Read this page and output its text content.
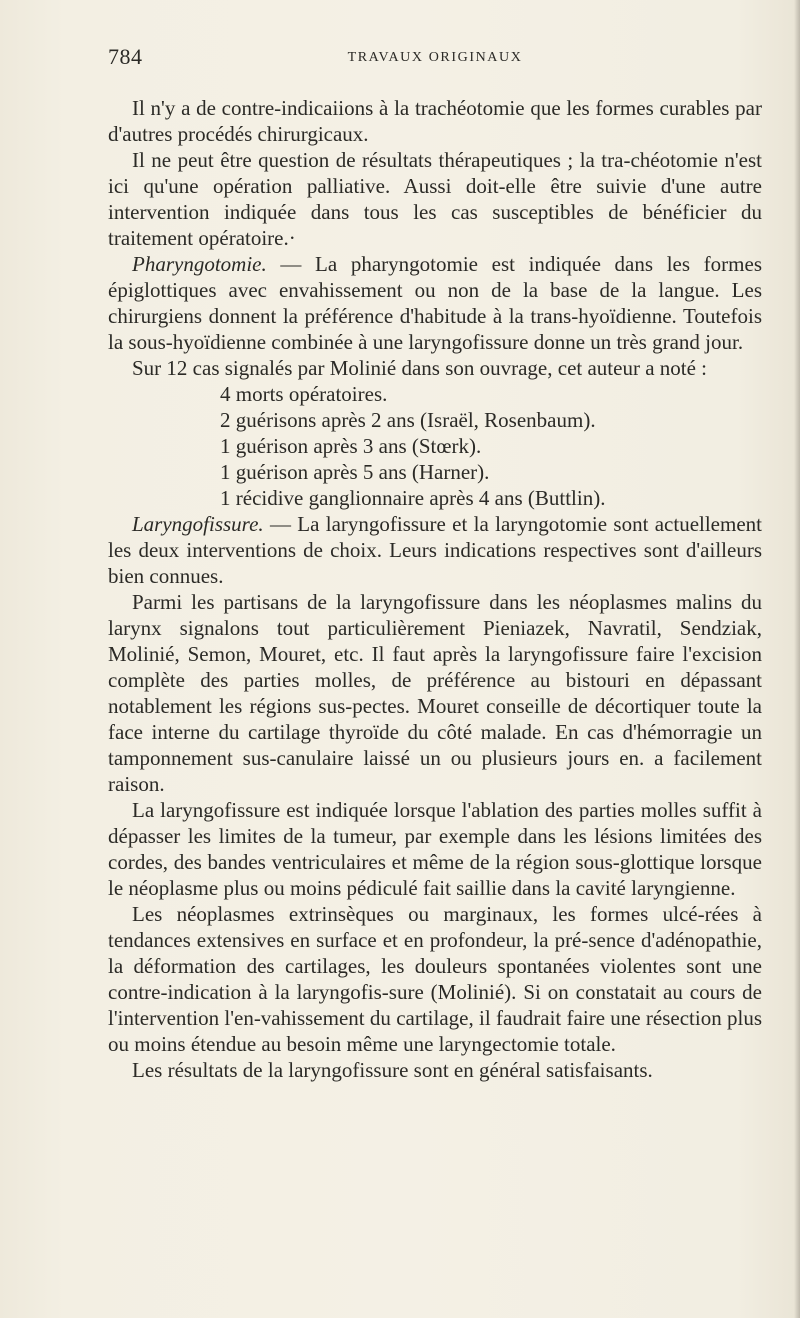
784	TRAVAUX ORIGINAUX

Il n'y a de contre-indicaiions à la trachéotomie que les formes curables par d'autres procédés chirurgicaux.

Il ne peut être question de résultats thérapeutiques ; la tra-chéotomie n'est ici qu'une opération palliative. Aussi doit-elle être suivie d'une autre intervention indiquée dans tous les cas susceptibles de bénéficier du traitement opératoire.·

Pharyngotomie. — La pharyngotomie est indiquée dans les formes épiglottiques avec envahissement ou non de la base de la langue. Les chirurgiens donnent la préférence d'habitude à la trans-hyoïdienne. Toutefois la sous-hyoïdienne combinée à une laryngofissure donne un très grand jour.

Sur 12 cas signalés par Molinié dans son ouvrage, cet auteur a noté :

4 morts opératoires.
2 guérisons après 2 ans (Israël, Rosenbaum).
1 guérison après 3 ans (Stœrk).
1 guérison après 5 ans (Harner).
1 récidive ganglionnaire après 4 ans (Buttlin).

Laryngofissure. — La laryngofissure et la laryngotomie sont actuellement les deux interventions de choix. Leurs indications respectives sont d'ailleurs bien connues.

Parmi les partisans de la laryngofissure dans les néoplasmes malins du larynx signalons tout particulièrement Pieniazek, Navratil, Sendziak, Molinié, Semon, Mouret, etc. Il faut après la laryngofissure faire l'excision complète des parties molles, de préférence au bistouri en dépassant notablement les régions sus-pectes. Mouret conseille de décortiquer toute la face interne du cartilage thyroïde du côté malade. En cas d'hémorragie un tamponnement sus-canulaire laissé un ou plusieurs jours en. a facilement raison.

La laryngofissure est indiquée lorsque l'ablation des parties molles suffit à dépasser les limites de la tumeur, par exemple dans les lésions limitées des cordes, des bandes ventriculaires et même de la région sous-glottique lorsque le néoplasme plus ou moins pédiculé fait saillie dans la cavité laryngienne.

Les néoplasmes extrinsèques ou marginaux, les formes ulcé-rées à tendances extensives en surface et en profondeur, la pré-sence d'adénopathie, la déformation des cartilages, les douleurs spontanées violentes sont une contre-indication à la laryngofis-sure (Molinié). Si on constatait au cours de l'intervention l'en-vahissement du cartilage, il faudrait faire une résection plus ou moins étendue au besoin même une laryngectomie totale.

Les résultats de la laryngofissure sont en général satisfaisants.
